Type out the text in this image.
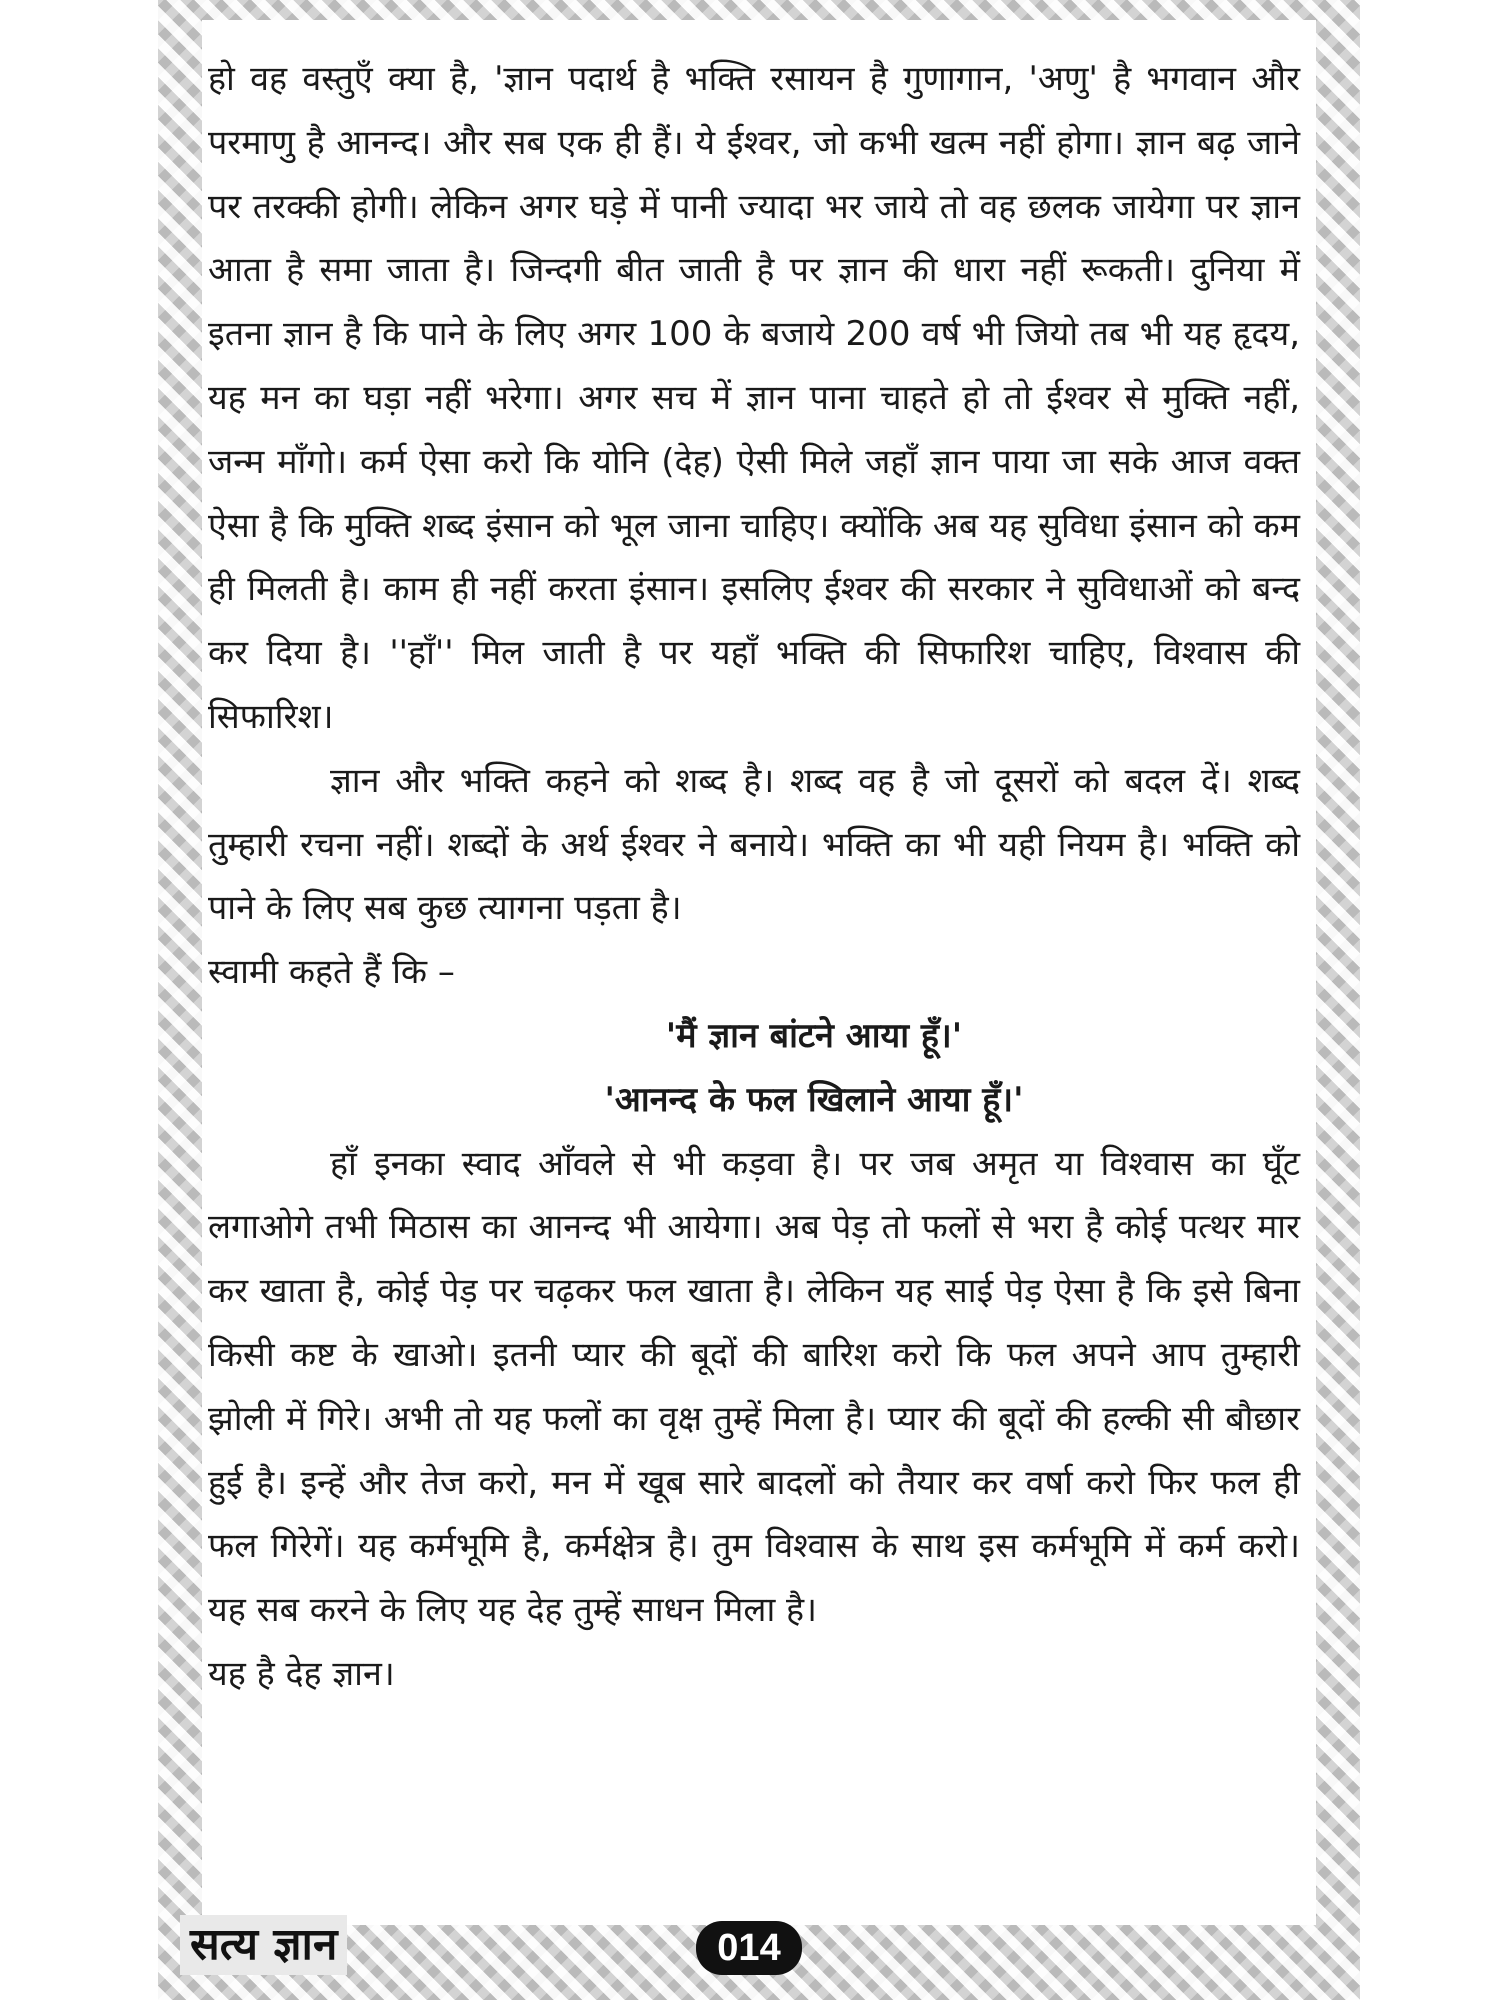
हो वह वस्तुएँ क्या है, 'ज्ञान पदार्थ है भक्ति रसायन है गुणागान, 'अणु' है भगवान और परमाणु है आनन्द। और सब एक ही हैं। ये ईश्वर, जो कभी खत्म नहीं होगा। ज्ञान बढ़ जाने पर तरक्की होगी। लेकिन अगर घड़े में पानी ज्यादा भर जाये तो वह छलक जायेगा पर ज्ञान आता है समा जाता है। जिन्दगी बीत जाती है पर ज्ञान की धारा नहीं रूकती। दुनिया में इतना ज्ञान है कि पाने के लिए अगर 100 के बजाये 200 वर्ष भी जियो तब भी यह हृदय, यह मन का घड़ा नहीं भरेगा। अगर सच में ज्ञान पाना चाहते हो तो ईश्वर से मुक्ति नहीं, जन्म माँगो। कर्म ऐसा करो कि योनि (देह) ऐसी मिले जहाँ ज्ञान पाया जा सके आज वक्त ऐसा है कि मुक्ति शब्द इंसान को भूल जाना चाहिए। क्योंकि अब यह सुविधा इंसान को कम ही मिलती है। काम ही नहीं करता इंसान। इसलिए ईश्वर की सरकार ने सुविधाओं को बन्द कर दिया है। ''हाँ'' मिल जाती है पर यहाँ भक्ति की सिफारिश चाहिए, विश्वास की सिफारिश।

ज्ञान और भक्ति कहने को शब्द है। शब्द वह है जो दूसरों को बदल दें। शब्द तुम्हारी रचना नहीं। शब्दों के अर्थ ईश्वर ने बनाये। भक्ति का भी यही नियम है। भक्ति को पाने के लिए सब कुछ त्यागना पड़ता है।

स्वामी कहते हैं कि –

'मैं ज्ञान बांटने आया हूँ।'

'आनन्द के फल खिलाने आया हूँ।'

हाँ इनका स्वाद आँवले से भी कड़वा है। पर जब अमृत या विश्वास का घूँट लगाओगे तभी मिठास का आनन्द भी आयेगा। अब पेड़ तो फलों से भरा है कोई पत्थर मार कर खाता है, कोई पेड़ पर चढ़कर फल खाता है। लेकिन यह साई पेड़ ऐसा है कि इसे बिना किसी कष्ट के खाओ। इतनी प्यार की बूदों की बारिश करो कि फल अपने आप तुम्हारी झोली में गिरे। अभी तो यह फलों का वृक्ष तुम्हें मिला है। प्यार की बूदों की हल्की सी बौछार हुई है। इन्हें और तेज करो, मन में खूब सारे बादलों को तैयार कर वर्षा करो फिर फल ही फल गिरेगें। यह कर्मभूमि है, कर्मक्षेत्र है। तुम विश्वास के साथ इस कर्मभूमि में कर्म करो। यह सब करने के लिए यह देह तुम्हें साधन मिला है।

यह है देह ज्ञान।

सत्य ज्ञान	014
